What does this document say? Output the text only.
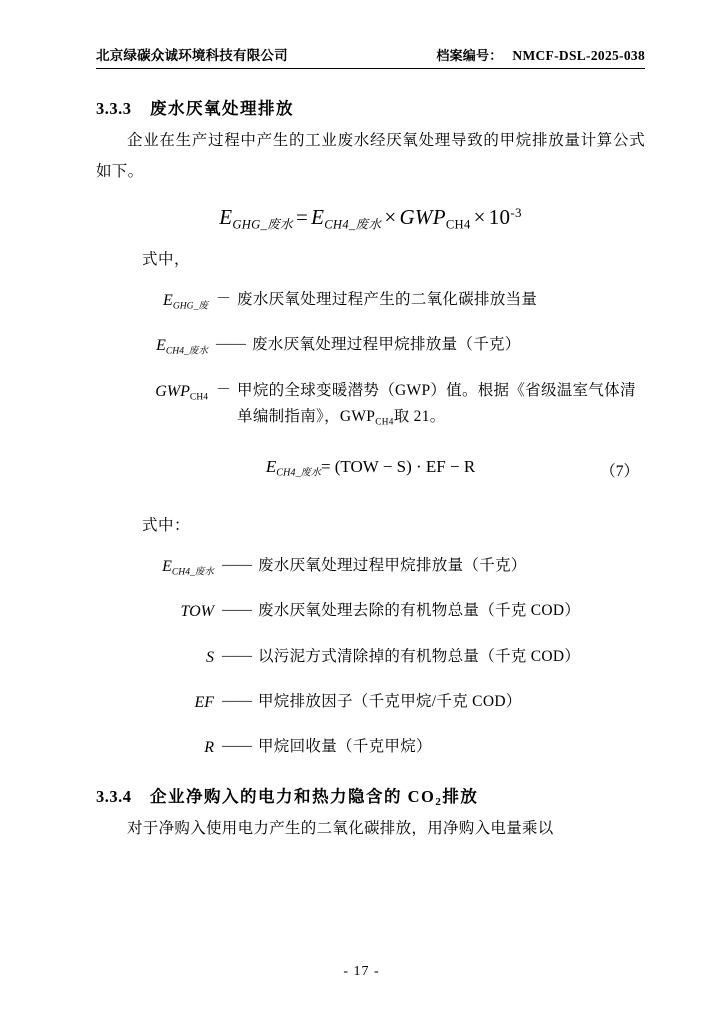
北京绿碳众诚环境科技有限公司	档案编号： NMCF-DSL-2025-038
3.3.3 废水厌氧处理排放

企业在生产过程中产生的工业废水经厌氧处理导致的甲烷排放量计算公式如下。

$E_{GHG\_废水} = E_{CH4\_废水} \times GWP_{CH4} \times 10^{-3}$
式中，
$E_{GHG\_废}$ － 废水厌氧处理过程产生的二氧化碳排放当量
$E_{CH4\_废水}$ —— 废水厌氧处理过程甲烷排放量（千克）
$GWP_{CH4}$ － 甲烷的全球变暖潜势（GWP）值。根据《省级温室气体清单编制指南》，$GWP_{CH4}$取 21。
$E_{CH4\_废水}= (TOW - S)$ · EF − R	（7）
式中：
$E_{CH4\_废水}$ —— 废水厌氧处理过程甲烷排放量（千克）
TOW —— 废水厌氧处理去除的有机物总量（千克 COD）
S —— 以污泥方式清除掉的有机物总量（千克 COD）
EF —— 甲烷排放因子（千克甲烷/千克 COD）
R —— 甲烷回收量（千克甲烷）
3.3.4 企业净购入的电力和热力隐含的 $CO_2$排放

对于净购入使用电力产生的二氧化碳排放，用净购入电量乘以

- 17 -
